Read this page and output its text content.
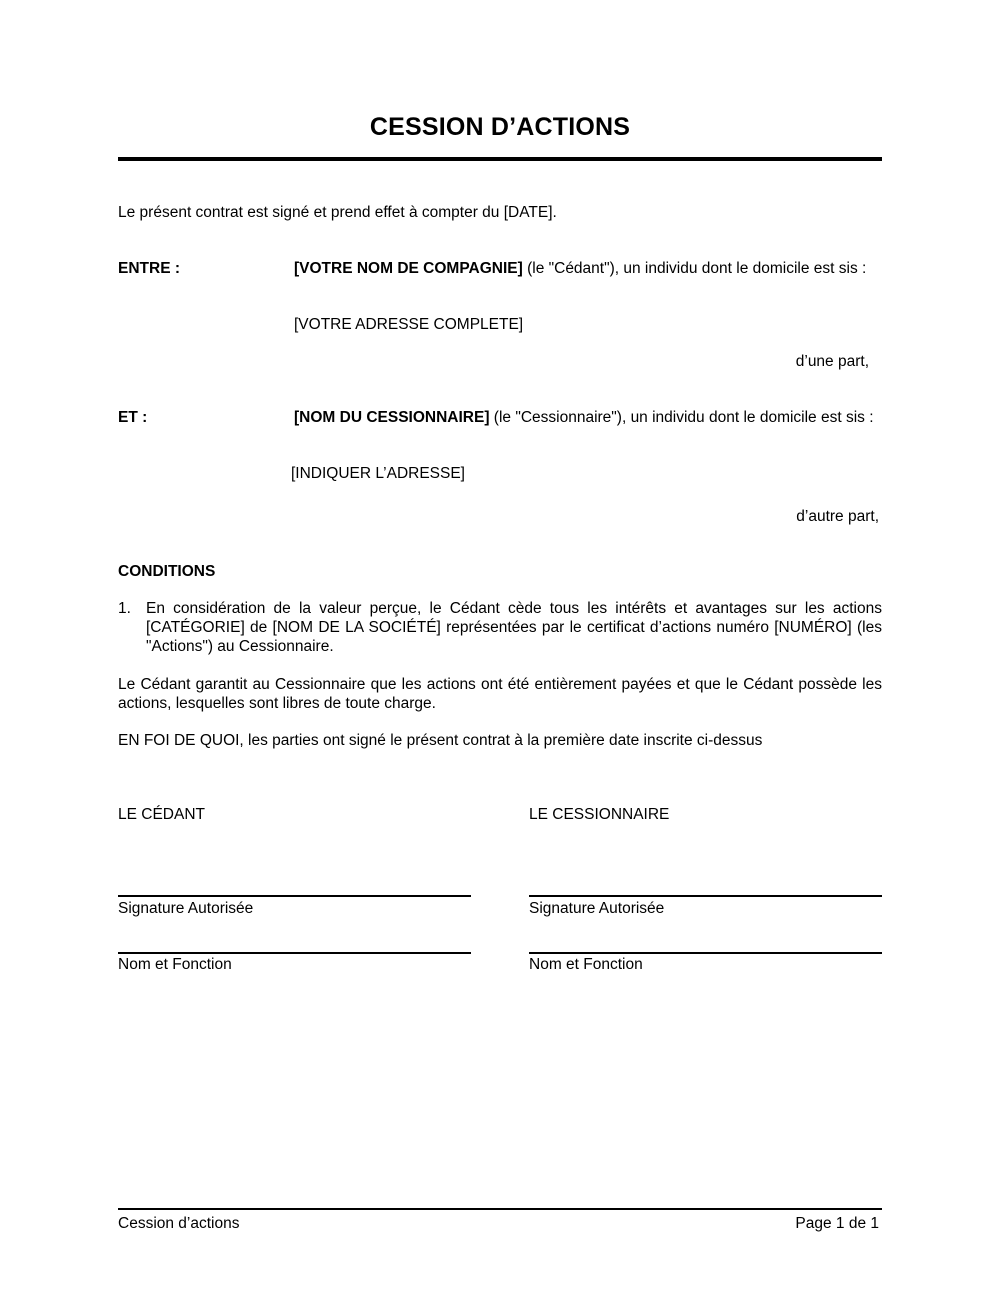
CESSION D’ACTIONS
Le présent contrat est signé et prend effet à compter du [DATE].
ENTRE :	[VOTRE NOM DE COMPAGNIE] (le "Cédant"), un individu dont le domicile est sis :
[VOTRE ADRESSE COMPLETE]
d’une part,
ET :	[NOM DU CESSIONNAIRE] (le "Cessionnaire"), un individu dont le domicile est sis :
[INDIQUER L’ADRESSE]
d’autre part,
CONDITIONS
1. En considération de la valeur perçue, le Cédant cède tous les intérêts et avantages sur les actions [CATÉGORIE] de [NOM DE LA SOCIÉTÉ] représentées par le certificat d’actions numéro [NUMÉRO] (les "Actions") au Cessionnaire.
Le Cédant garantit au Cessionnaire que les actions ont été entièrement payées et que le Cédant possède les actions, lesquelles sont libres de toute charge.
EN FOI DE QUOI, les parties ont signé le présent contrat à la première date inscrite ci-dessus
LE CÉDANT
Signature Autorisée
Nom et Fonction
LE CESSIONNAIRE
Signature Autorisée
Nom et Fonction
Cession d’actions	Page 1 de 1
